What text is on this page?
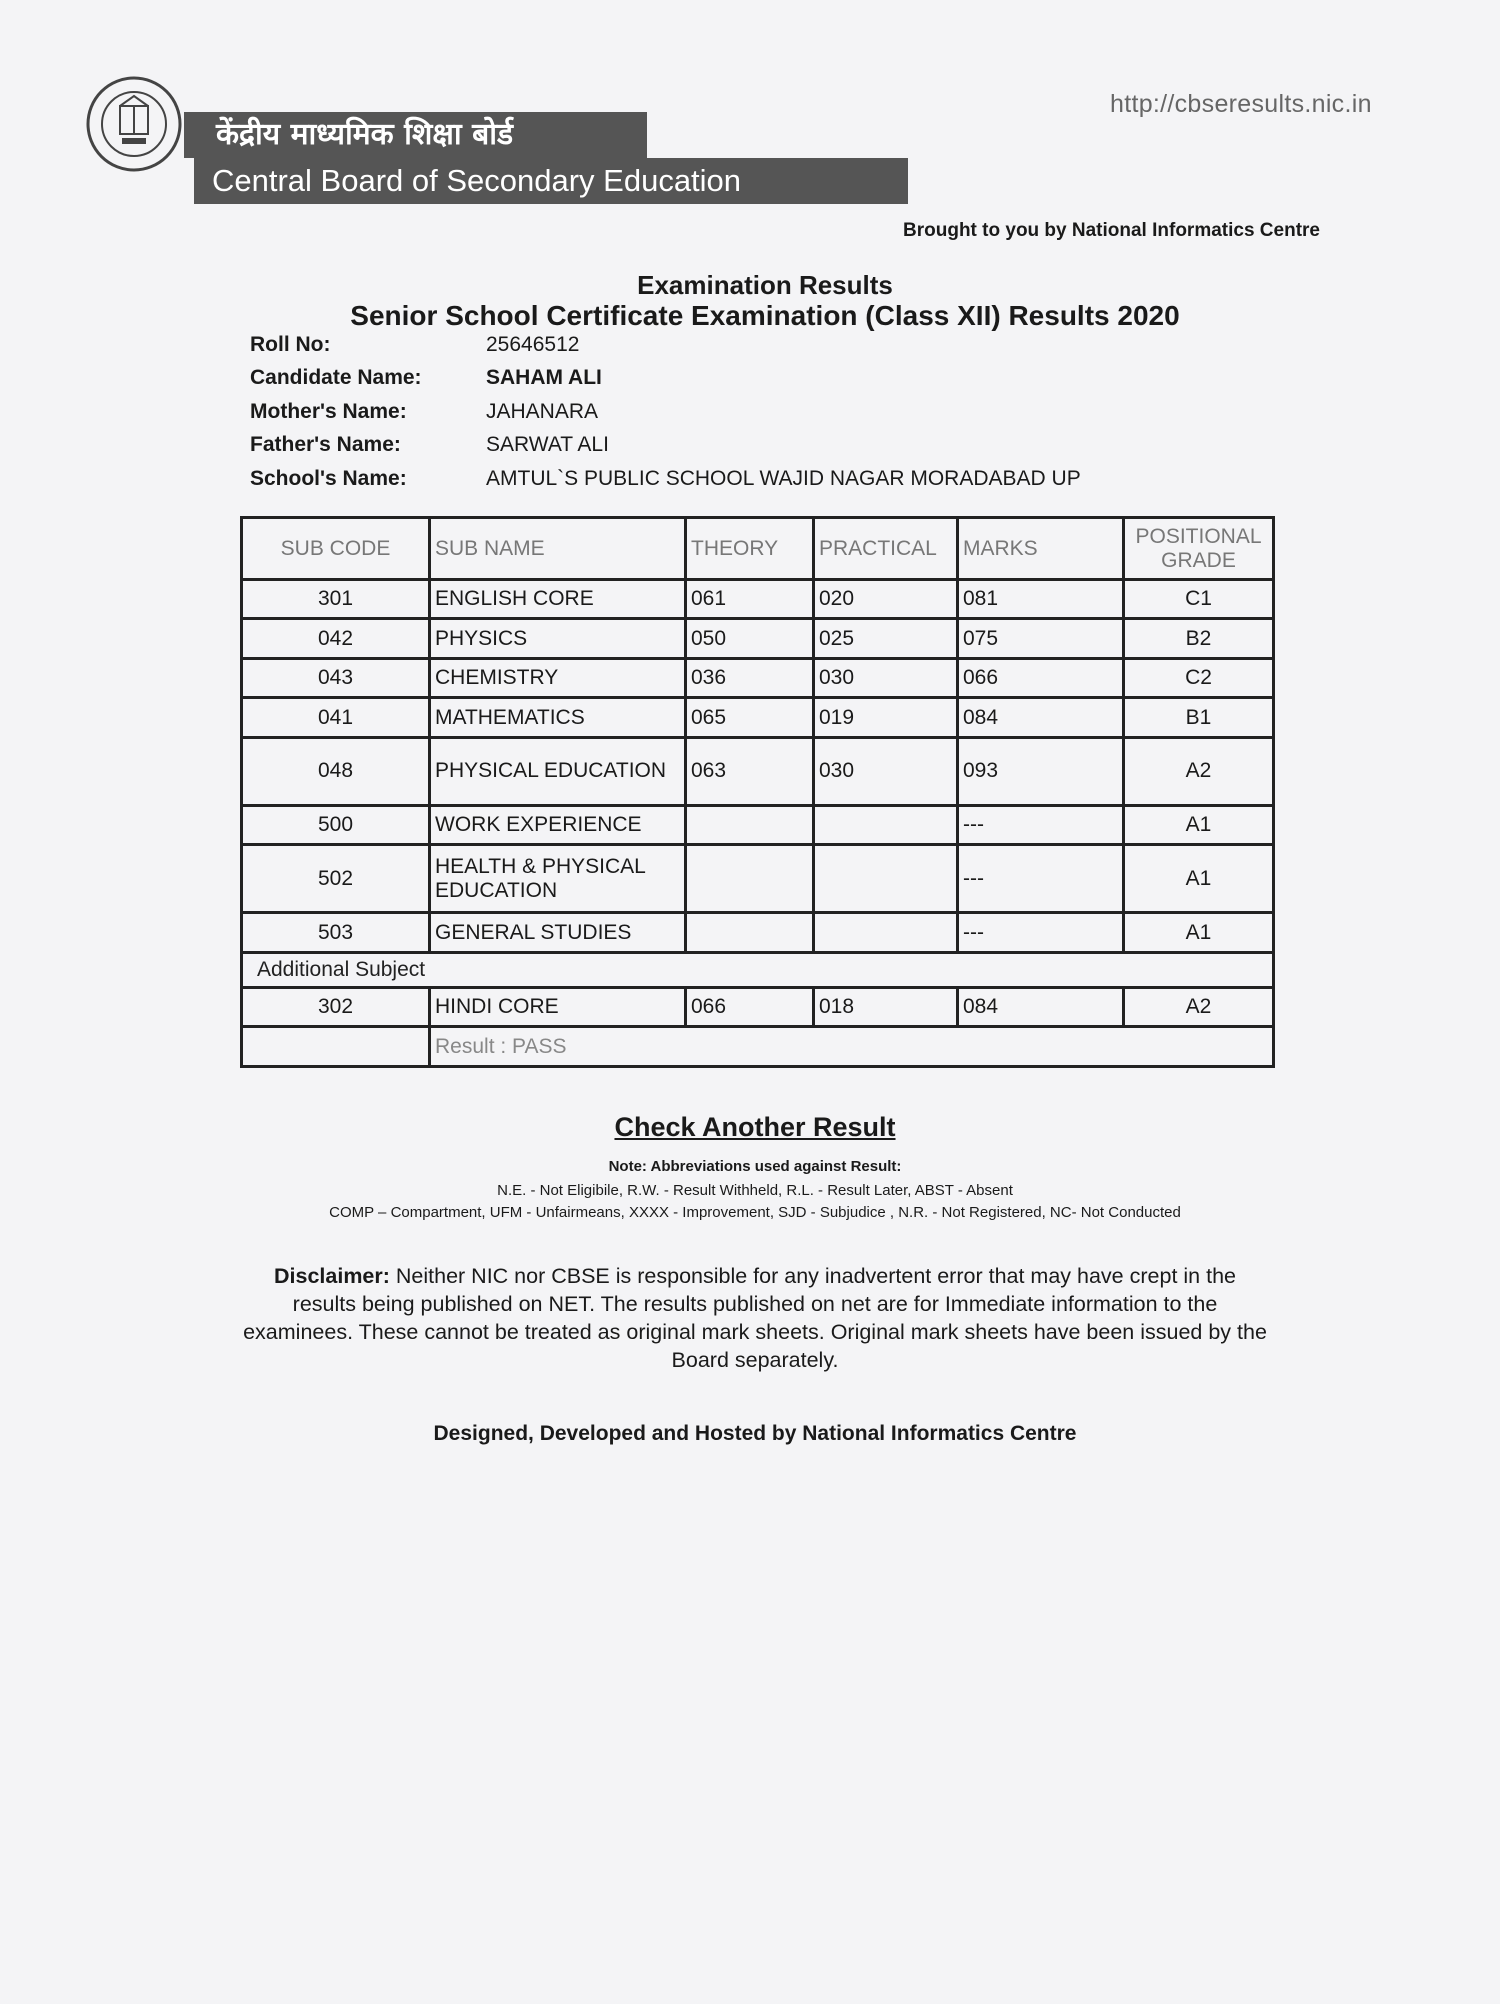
केंद्रीय माध्यमिक शिक्षा बोर्ड
Central Board of Secondary Education
http://cbseresults.nic.in
Brought to you by National Informatics Centre
Examination Results
Senior School Certificate Examination (Class XII) Results 2020
Roll No:	25646512
Candidate Name:	SAHAM ALI
Mother's Name:	JAHANARA
Father's Name:	SARWAT ALI
School's Name:	AMTUL`S PUBLIC SCHOOL WAJID NAGAR MORADABAD UP
SUB CODE	SUB NAME	THEORY	PRACTICAL	MARKS	POSITIONAL GRADE
301	ENGLISH CORE	061	020	081	C1
042	PHYSICS	050	025	075	B2
043	CHEMISTRY	036	030	066	C2
041	MATHEMATICS	065	019	084	B1
048	PHYSICAL EDUCATION	063	030	093	A2
500	WORK EXPERIENCE			---	A1
502	HEALTH & PHYSICAL EDUCATION			---	A1
503	GENERAL STUDIES			---	A1
Additional Subject					
302	HINDI CORE	066	018	084	A2
	Result : PASS				
Check Another Result
Note: Abbreviations used against Result:
N.E. - Not Eligibile, R.W. - Result Withheld, R.L. - Result Later, ABST - Absent
COMP – Compartment, UFM - Unfairmeans, XXXX - Improvement, SJD - Subjudice , N.R. - Not Registered, NC- Not Conducted
Disclaimer: Neither NIC nor CBSE is responsible for any inadvertent error that may have crept in the results being published on NET. The results published on net are for Immediate information to the examinees. These cannot be treated as original mark sheets. Original mark sheets have been issued by the Board separately.
Designed, Developed and Hosted by National Informatics Centre
